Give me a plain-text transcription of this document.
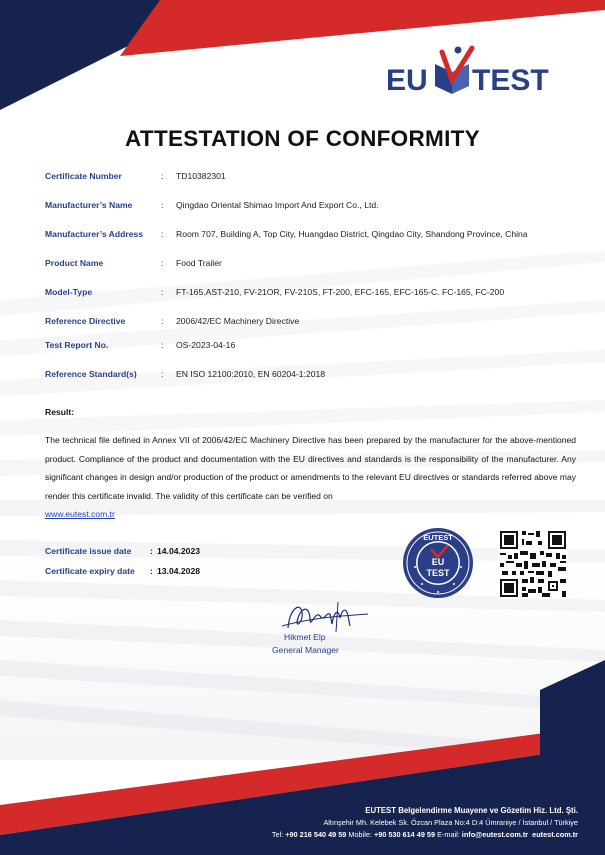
EU TEST
ATTESTATION OF CONFORMITY
Certificate Number	: TD10382301
Manufacturer’s Name	: Qingdao Oriental Shimao Import And Export Co., Ltd.
Manufacturer’s Address : Room 707, Building A, Top City, Huangdao District, Qingdao City, Shandong Province, China
Product Name	: Food Trailer
Model-Type	: FT-165.AST-210, FV-21OR, FV-210S, FT-200, EFC-165, EFC-165-C. FC-165, FC-200
Reference Directive	: 2006/42/EC Machinery Directive
Test Report No.	: OS-2023-04-16
Reference Standard(s)	: EN ISO 12100:2010, EN 60204-1:2018
Result:
The technical file defined in Annex VII of 2006/42/EC Machinery Directive has been prepared by the manufacturer for the above-mentioned product. Compliance of the product and documentation with the EU directives and standards is the responsibility of the manufacturer. Any significant changes in design and/or production of the product or amendments to the relevant EU directives or standards referred above may render this certificate invalid. The validity of this certificate can be verified on
www.eutest.com.tr
Certificate issue date : 14.04.2023
Certificate expiry date : 13.04.2028
EUTEST
EU
TEST
Hikmet Elp
General Manager
EUTEST Belgelendirme Muayene ve Gözetim Hiz. Ltd. Şti.
Altınşehir Mh. Kelebek Sk. Özcan Plaza No:4 D:4 Ümraniye / İstanbul / Türkiye
Tel: +90 216 540 49 59 Mobile: +90 530 614 49 59 E-mail: info@eutest.com.tr eutest.com.tr
